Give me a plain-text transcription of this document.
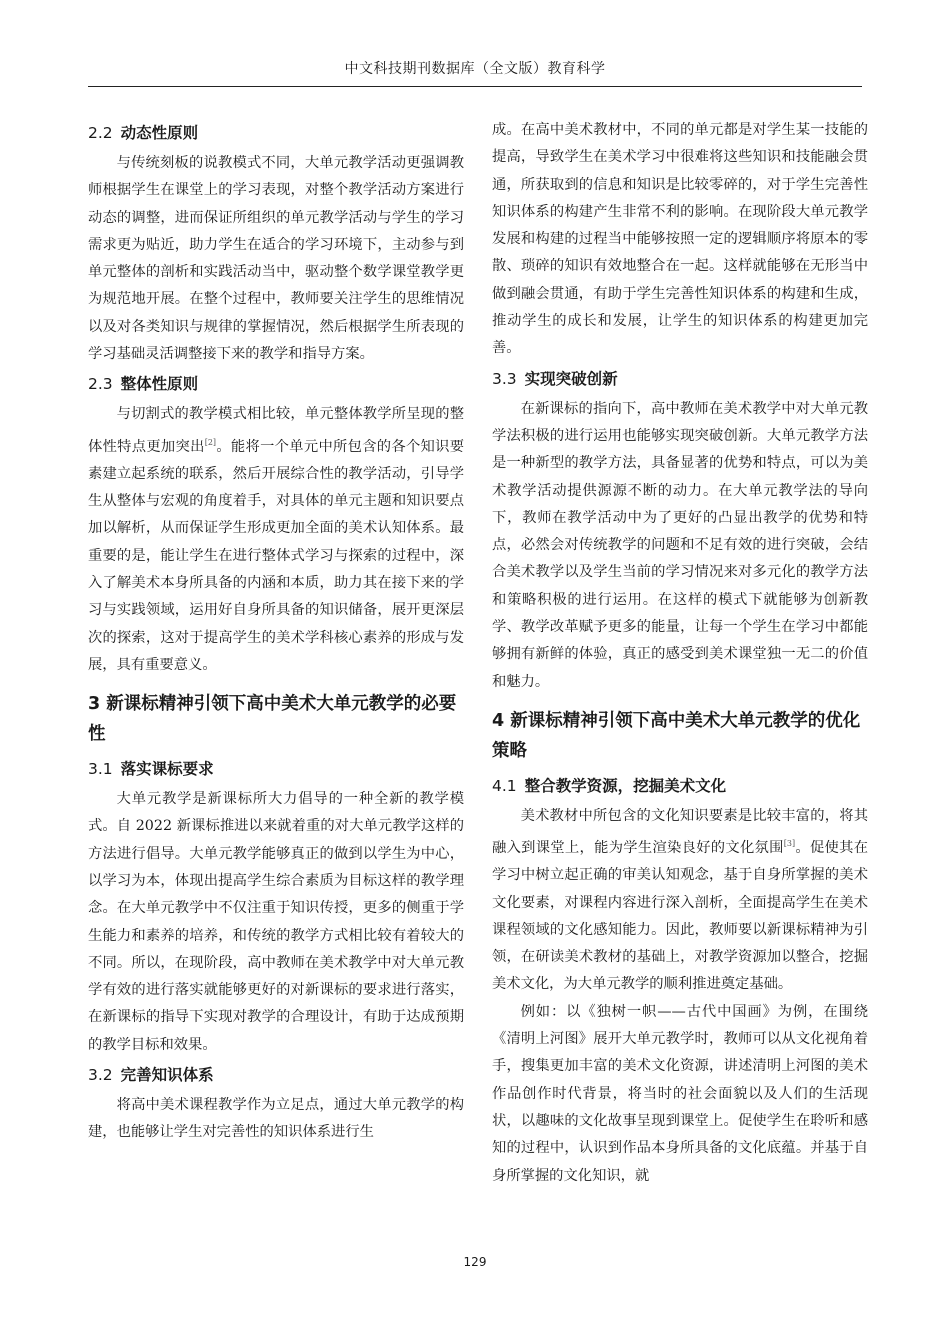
中文科技期刊数据库（全文版）教育科学
2.2 动态性原则

与传统刻板的说教模式不同，大单元教学活动更强调教师根据学生在课堂上的学习表现，对整个教学活动方案进行动态的调整，进而保证所组织的单元教学活动与学生的学习需求更为贴近，助力学生在适合的学习环境下，主动参与到单元整体的剖析和实践活动当中，驱动整个数学课堂教学更为规范地开展。在整个过程中，教师要关注学生的思维情况以及对各类知识与规律的掌握情况，然后根据学生所表现的学习基础灵活调整接下来的教学和指导方案。

2.3 整体性原则

与切割式的教学模式相比较，单元整体教学所呈现的整体性特点更加突出[2]。能将一个单元中所包含的各个知识要素建立起系统的联系，然后开展综合性的教学活动，引导学生从整体与宏观的角度着手，对具体的单元主题和知识要点加以解析，从而保证学生形成更加全面的美术认知体系。最重要的是，能让学生在进行整体式学习与探索的过程中，深入了解美术本身所具备的内涵和本质，助力其在接下来的学习与实践领域，运用好自身所具备的知识储备，展开更深层次的探索，这对于提高学生的美术学科核心素养的形成与发展，具有重要意义。

3 新课标精神引领下高中美术大单元教学的必要性
3.1 落实课标要求

大单元教学是新课标所大力倡导的一种全新的教学模式。自 2022 新课标推进以来就着重的对大单元教学这样的方法进行倡导。大单元教学能够真正的做到以学生为中心，以学习为本，体现出提高学生综合素质为目标这样的教学理念。在大单元教学中不仅注重于知识传授，更多的侧重于学生能力和素养的培养，和传统的教学方式相比较有着较大的不同。所以，在现阶段，高中教师在美术教学中对大单元教学有效的进行落实就能够更好的对新课标的要求进行落实，在新课标的指导下实现对教学的合理设计，有助于达成预期的教学目标和效果。

3.2 完善知识体系

将高中美术课程教学作为立足点，通过大单元教学的构建，也能够让学生对完善性的知识体系进行生

成。在高中美术教材中，不同的单元都是对学生某一技能的提高，导致学生在美术学习中很难将这些知识和技能融会贯通，所获取到的信息和知识是比较零碎的，对于学生完善性知识体系的构建产生非常不利的影响。在现阶段大单元教学发展和构建的过程当中能够按照一定的逻辑顺序将原本的零散、琐碎的知识有效地整合在一起。这样就能够在无形当中做到融会贯通，有助于学生完善性知识体系的构建和生成，推动学生的成长和发展，让学生的知识体系的构建更加完善。

3.3 实现突破创新

在新课标的指向下，高中教师在美术教学中对大单元教学法积极的进行运用也能够实现突破创新。大单元教学方法是一种新型的教学方法，具备显著的优势和特点，可以为美术教学活动提供源源不断的动力。在大单元教学法的导向下，教师在教学活动中为了更好的凸显出教学的优势和特点，必然会对传统教学的问题和不足有效的进行突破，会结合美术教学以及学生当前的学习情况来对多元化的教学方法和策略积极的进行运用。在这样的模式下就能够为创新教学、教学改革赋予更多的能量，让每一个学生在学习中都能够拥有新鲜的体验，真正的感受到美术课堂独一无二的价值和魅力。

4 新课标精神引领下高中美术大单元教学的优化策略
4.1 整合教学资源，挖掘美术文化

美术教材中所包含的文化知识要素是比较丰富的，将其融入到课堂上，能为学生渲染良好的文化氛围[3]。促使其在学习中树立起正确的审美认知观念，基于自身所掌握的美术文化要素，对课程内容进行深入剖析，全面提高学生在美术课程领域的文化感知能力。因此，教师要以新课标精神为引领，在研读美术教材的基础上，对教学资源加以整合，挖掘美术文化，为大单元教学的顺利推进奠定基础。

例如：以《独树一帜——古代中国画》为例，在围绕《清明上河图》展开大单元教学时，教师可以从文化视角着手，搜集更加丰富的美术文化资源，讲述清明上河图的美术作品创作时代背景，将当时的社会面貌以及人们的生活现状，以趣味的文化故事呈现到课堂上。促使学生在聆听和感知的过程中，认识到作品本身所具备的文化底蕴。并基于自身所掌握的文化知识，就

129
